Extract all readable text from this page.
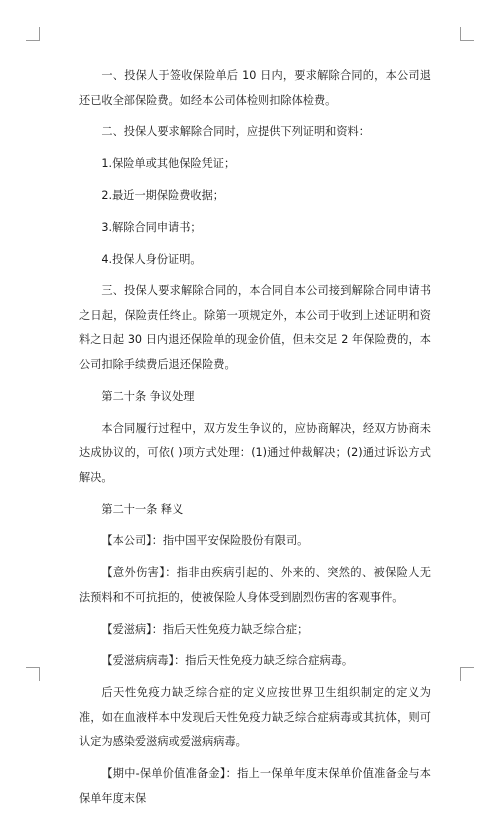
一、投保人于签收保险单后 10 日内，要求解除合同的，本公司退还已收全部保险费。如经本公司体检则扣除体检费。

二、投保人要求解除合同时，应提供下列证明和资料：

1.保险单或其他保险凭证；

2.最近一期保险费收据；

3.解除合同申请书；

4.投保人身份证明。

三、投保人要求解除合同的，本合同自本公司接到解除合同申请书之日起，保险责任终止。除第一项规定外，本公司于收到上述证明和资料之日起 30 日内退还保险单的现金价值，但未交足 2 年保险费的，本公司扣除手续费后退还保险费。

第二十条 争议处理

本合同履行过程中，双方发生争议的，应协商解决，经双方协商未达成协议的，可依( )项方式处理：(1)通过仲裁解决；(2)通过诉讼方式解决。

第二十一条 释义

【本公司】：指中国平安保险股份有限司。

【意外伤害】：指非由疾病引起的、外来的、突然的、被保险人无法预料和不可抗拒的，使被保险人身体受到剧烈伤害的客观事件。

【爱滋病】：指后天性免疫力缺乏综合症；

【爱滋病病毒】：指后天性免疫力缺乏综合症病毒。

后天性免疫力缺乏综合症的定义应按世界卫生组织制定的定义为准，如在血液样本中发现后天性免疫力缺乏综合症病毒或其抗体，则可认定为感染爱滋病或爱滋病病毒。

【期中-保单价值准备金】：指上一保单年度末保单价值准备金与本保单年度末保
